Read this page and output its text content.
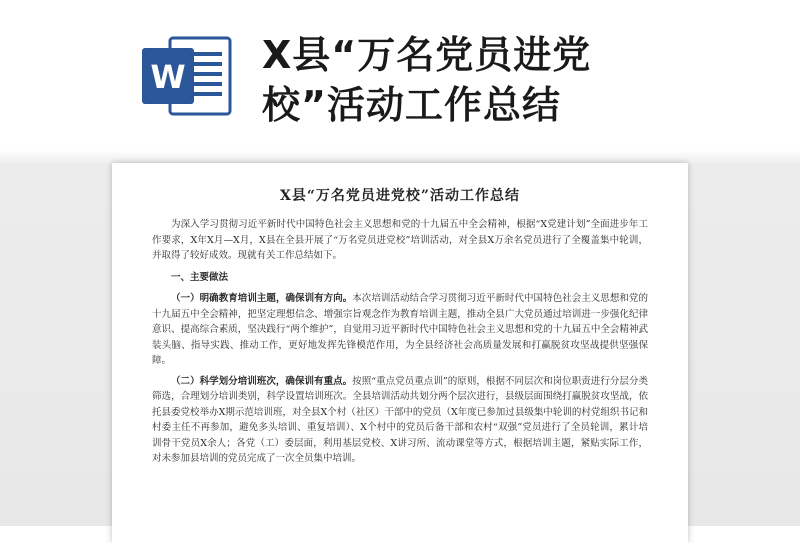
W X县“万名党员进党校”活动工作总结
X县“万名党员进党校”活动工作总结

为深入学习贯彻习近平新时代中国特色社会主义思想和党的十九届五中全会精神，根据“X党建计划”全面进步年工作要求，X年X月—X月，X县在全县开展了“万名党员进党校”培训活动，对全县X万余名党员进行了全覆盖集中轮训，并取得了较好成效。现就有关工作总结如下。

一、主要做法

（一）明确教育培训主题，确保训有方向。本次培训活动结合学习贯彻习近平新时代中国特色社会主义思想和党的十九届五中全会精神，把坚定理想信念、增强宗旨观念作为教育培训主题，推动全县广大党员通过培训进一步强化纪律意识、提高综合素质，坚决践行“两个维护”，自觉用习近平新时代中国特色社会主义思想和党的十九届五中全会精神武装头脑、指导实践、推动工作，更好地发挥先锋模范作用，为全县经济社会高质量发展和打赢脱贫攻坚战提供坚强保障。

（二）科学划分培训班次，确保训有重点。按照“重点党员重点训”的原则，根据不同层次和岗位职责进行分层分类筛选，合理划分培训类别，科学设置培训班次。全县培训活动共划分两个层次进行，县级层面围绕打赢脱贫攻坚战，依托县委党校举办X期示范培训班，对全县X个村（社区）干部中的党员（X年度已参加过县级集中轮训的村党组织书记和村委主任不再参加，避免多头培训、重复培训）、X个村中的党员后备干部和农村“双强”党员进行了全员轮训，累计培训骨干党员X余人；各党（工）委层面，利用基层党校、X讲习所、流动课堂等方式，根据培训主题，紧贴实际工作，对未参加县培训的党员完成了一次全员集中培训。
